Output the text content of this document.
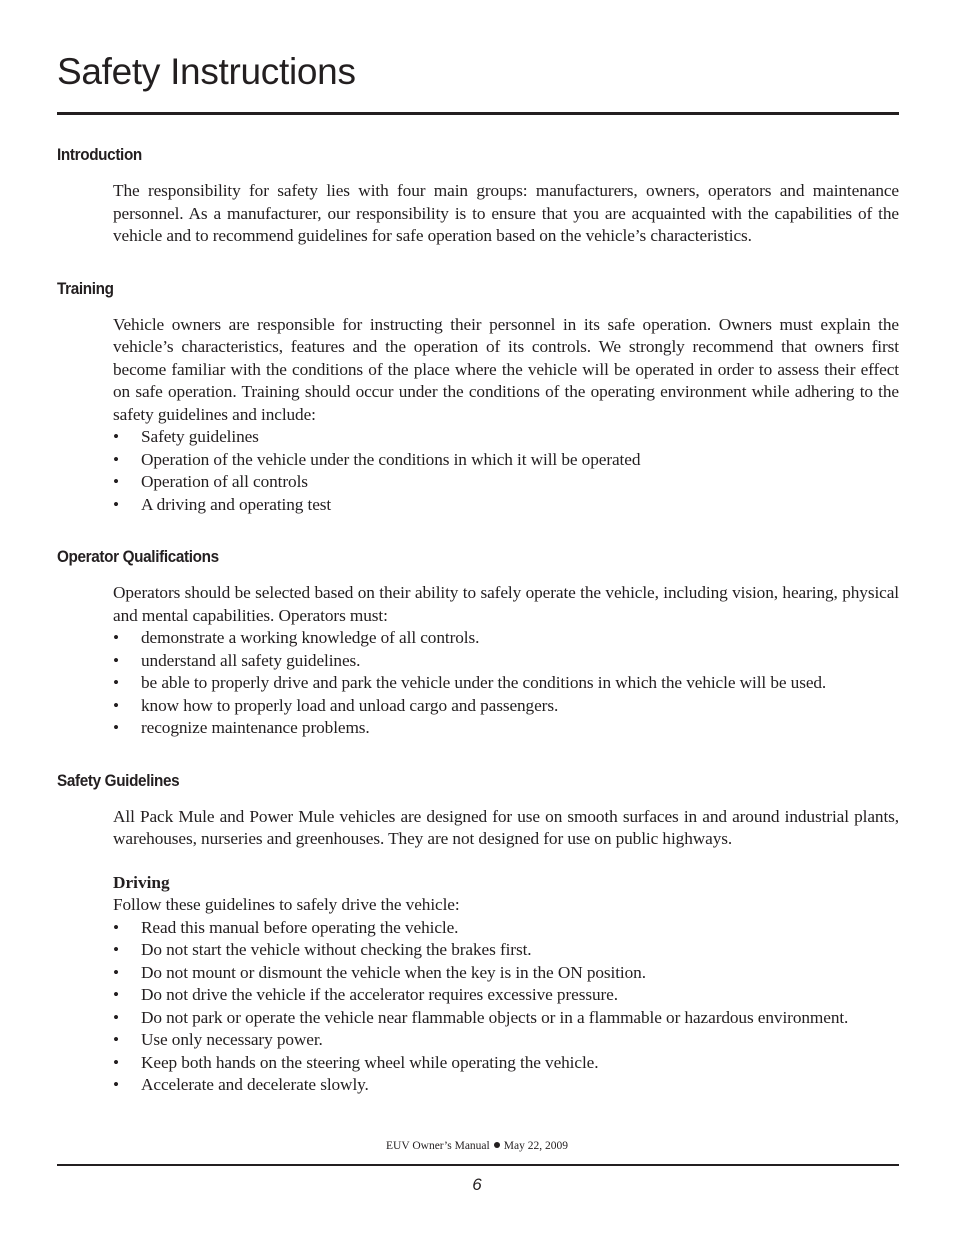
Safety Instructions
Introduction

The responsibility for safety lies with four main groups: manufacturers, owners, operators and maintenance personnel. As a manufacturer, our responsibility is to ensure that you are acquainted with the capabilities of the vehicle and to recommend guidelines for safe operation based on the vehicle’s characteristics.

Training

Vehicle owners are responsible for instructing their personnel in its safe operation. Owners must explain the vehicle’s characteristics, features and the operation of its controls. We strongly recommend that owners first become familiar with the conditions of the place where the vehicle will be operated in order to assess their effect on safe operation. Training should occur under the conditions of the operating environment while adhering to the safety guidelines and include:

• Safety guidelines
• Operation of the vehicle under the conditions in which it will be operated
• Operation of all controls
• A driving and operating test
Operator Qualifications

Operators should be selected based on their ability to safely operate the vehicle, including vision, hearing, physical and mental capabilities. Operators must:

• demonstrate a working knowledge of all controls.
• understand all safety guidelines.
• be able to properly drive and park the vehicle under the conditions in which the vehicle will be used.
• know how to properly load and unload cargo and passengers.
• recognize maintenance problems.
Safety Guidelines

All Pack Mule and Power Mule vehicles are designed for use on smooth surfaces in and around industrial plants, warehouses, nurseries and greenhouses. They are not designed for use on public highways.

Driving

Follow these guidelines to safely drive the vehicle:

• Read this manual before operating the vehicle.
• Do not start the vehicle without checking the brakes first.
• Do not mount or dismount the vehicle when the key is in the ON position.
• Do not drive the vehicle if the accelerator requires excessive pressure.
• Do not park or operate the vehicle near flammable objects or in a flammable or hazardous environment.
• Use only necessary power.
• Keep both hands on the steering wheel while operating the vehicle.
• Accelerate and decelerate slowly.
EUV Owner’s Manual May 22, 2009
6
